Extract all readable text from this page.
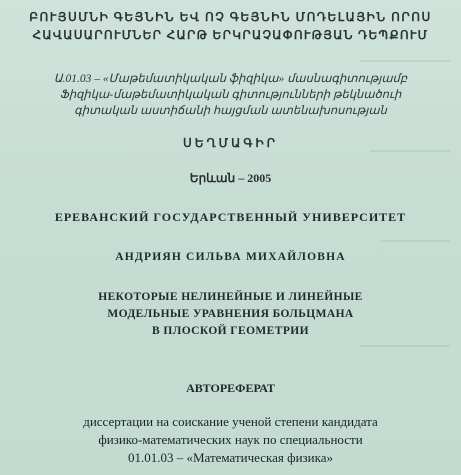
ԲՈՒՅՍՄՆԻ ԳԵՅՆԻՆ ԵՎ ՈՉ ԳԵՅՆԻՆ ՄՈԴԵԼԱՅԻՆ ՈՐՈՍ
ՀԱՎԱՍԱՐՈՒՄՆԵՐ ՀԱՐԹ ԵՐԿՐԱՉԱՓՈՒԹՅԱՆ ԴԵՊՔՈՒՄ
Ա.01.03 – «Մաթեմատիկական ֆիզիկա» մասնագիտությամբ
Ֆիզիկա-մաթեմատիկական գիտությունների թեկնածուի
գիտական աստիճանի հայցման ատենախոսության
ՍԵՂՄԱԳԻՐ
Երևան – 2005
ЕРЕВАНСКИЙ ГОСУДАРСТВЕННЫЙ УНИВЕРСИТЕТ
АНДРИЯН СИЛЬВА МИХАЙЛОВНА
НЕКОТОРЫЕ НЕЛИНЕЙНЫЕ И ЛИНЕЙНЫЕ
МОДЕЛЬНЫЕ УРАВНЕНИЯ БОЛЬЦМАНА
В ПЛОСКОЙ ГЕОМЕТРИИ
АВТОРЕФЕРАТ
диссертации на соискание ученой степени кандидата
физико-математических наук по специальности
01.01.03 – «Математическая физика»
